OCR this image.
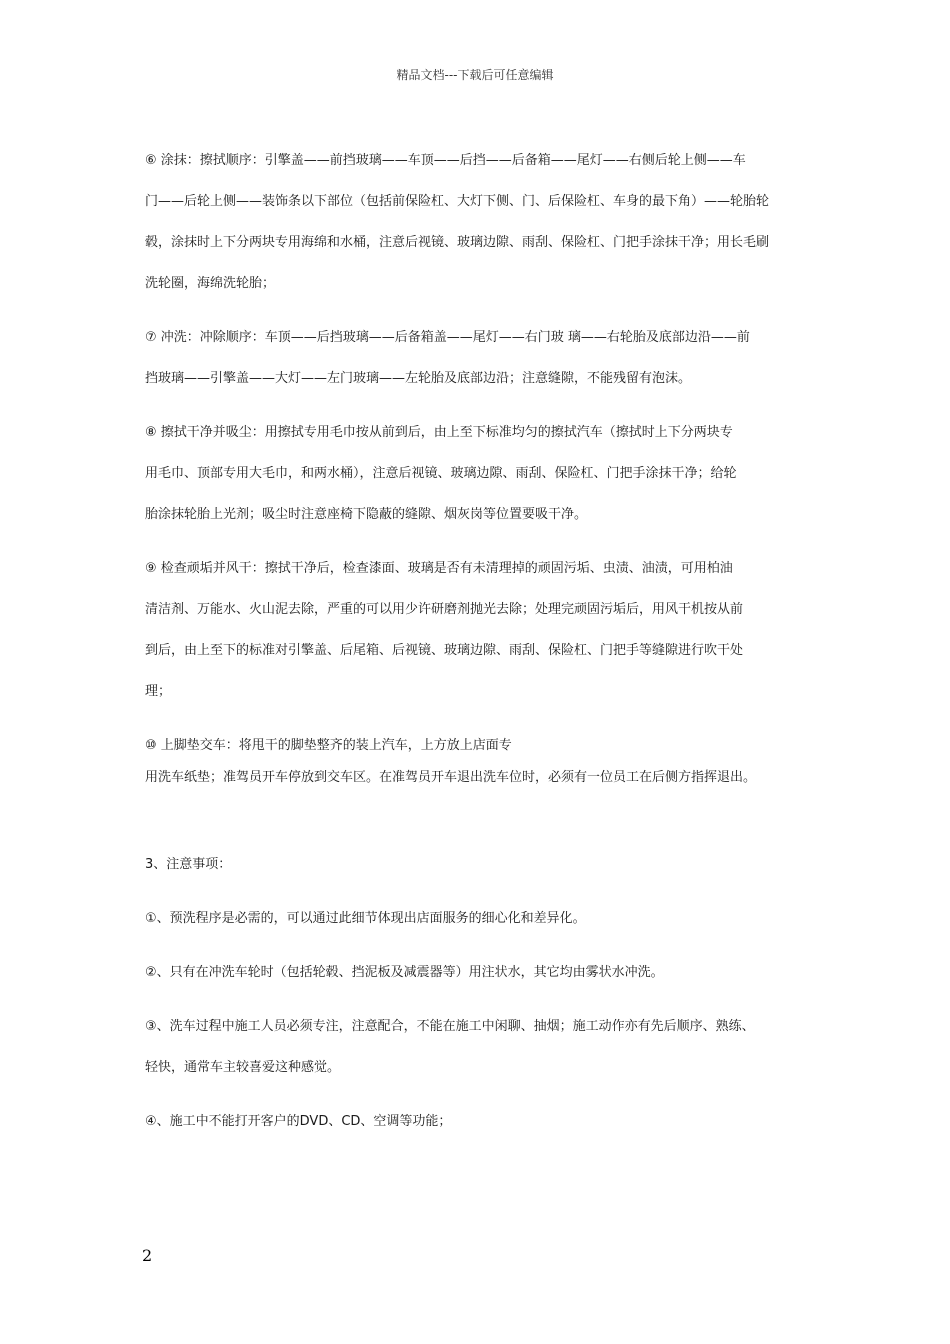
精品文档---下载后可任意编辑
⑥ 涂抹：擦拭顺序：引擎盖——前挡玻璃——车顶——后挡——后备箱——尾灯——右侧后轮上侧——车
门——后轮上侧——装饰条以下部位（包括前保险杠、大灯下侧、门、后保险杠、车身的最下角）——轮胎轮
毂，涂抹时上下分两块专用海绵和水桶，注意后视镜、玻璃边隙、雨刮、保险杠、门把手涂抹干净；用长毛刷
洗轮圈，海绵洗轮胎；
⑦ 冲洗：冲除顺序：车顶——后挡玻璃——后备箱盖——尾灯——右门玻 璃——右轮胎及底部边沿——前
挡玻璃——引擎盖——大灯——左门玻璃——左轮胎及底部边沿；注意缝隙，不能残留有泡沫。
⑧ 擦拭干净并吸尘：用擦拭专用毛巾按从前到后，由上至下标准均匀的擦拭汽车（擦拭时上下分两块专
用毛巾、顶部专用大毛巾，和两水桶），注意后视镜、玻璃边隙、雨刮、保险杠、门把手涂抹干净；给轮
胎涂抹轮胎上光剂；吸尘时注意座椅下隐蔽的缝隙、烟灰岗等位置要吸干净。
⑨ 检查顽垢并风干：擦拭干净后，检查漆面、玻璃是否有未清理掉的顽固污垢、虫渍、油渍，可用柏油
清洁剂、万能水、火山泥去除，严重的可以用少许研磨剂抛光去除；处理完顽固污垢后，用风干机按从前
到后，由上至下的标准对引擎盖、后尾箱、后视镜、玻璃边隙、雨刮、保险杠、门把手等缝隙进行吹干处
理；
⑩ 上脚垫交车：将甩干的脚垫整齐的装上汽车，上方放上店面专
用洗车纸垫；准驾员开车停放到交车区。在准驾员开车退出洗车位时，必须有一位员工在后侧方指挥退出。
3、注意事项：
①、预洗程序是必需的，可以通过此细节体现出店面服务的细心化和差异化。
②、只有在冲洗车轮时（包括轮毂、挡泥板及减震器等）用注状水，其它均由雾状水冲洗。
③、洗车过程中施工人员必须专注，注意配合，不能在施工中闲聊、抽烟；施工动作亦有先后顺序、熟练、
轻快，通常车主较喜爱这种感觉。
④、施工中不能打开客户的DVD、CD、空调等功能；
2
